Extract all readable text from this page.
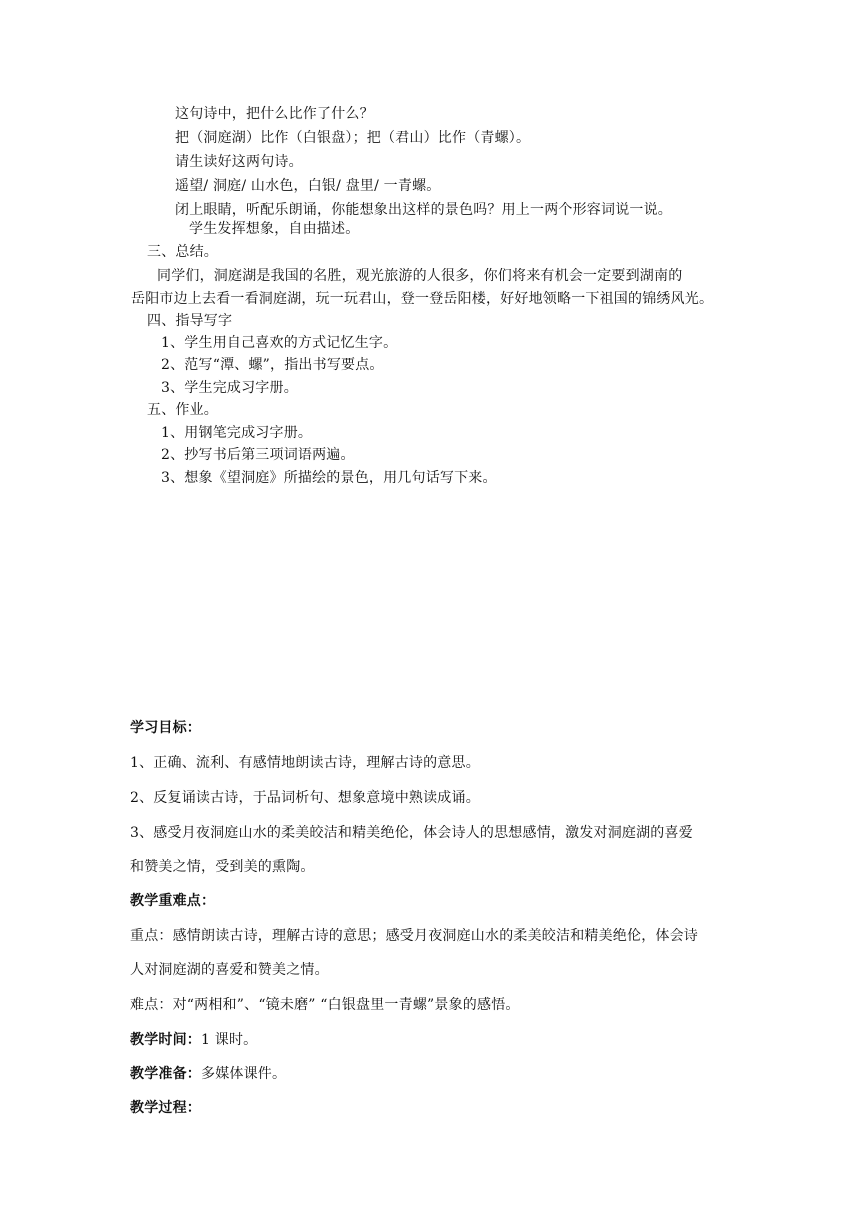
这句诗中，把什么比作了什么？
把（洞庭湖）比作（白银盘）；把（君山）比作（青螺）。
请生读好这两句诗。
遥望/ 洞庭/ 山水色，白银/ 盘里/ 一青螺。
闭上眼睛，听配乐朗诵，你能想象出这样的景色吗？用上一两个形容词说一说。
学生发挥想象，自由描述。
三、总结。
同学们，洞庭湖是我国的名胜，观光旅游的人很多，你们将来有机会一定要到湖南的
岳阳市边上去看一看洞庭湖，玩一玩君山，登一登岳阳楼，好好地领略一下祖国的锦绣风光。
四、指导写字
1、学生用自己喜欢的方式记忆生字。
2、范写“潭、螺”，指出书写要点。
3、学生完成习字册。
五、作业。
1、用钢笔完成习字册。
2、抄写书后第三项词语两遍。
3、想象《望洞庭》所描绘的景色，用几句话写下来。
学习目标：
1、正确、流利、有感情地朗读古诗，理解古诗的意思。
2、反复诵读古诗，于品词析句、想象意境中熟读成诵。
3、感受月夜洞庭山水的柔美皎洁和精美绝伦，体会诗人的思想感情，激发对洞庭湖的喜爱
和赞美之情，受到美的熏陶。
教学重难点：
重点：感情朗读古诗，理解古诗的意思；感受月夜洞庭山水的柔美皎洁和精美绝伦，体会诗
人对洞庭湖的喜爱和赞美之情。
难点：对“两相和”、“镜未磨” “白银盘里一青螺”景象的感悟。
教学时间：1 课时。
教学准备：多媒体课件。
教学过程：
